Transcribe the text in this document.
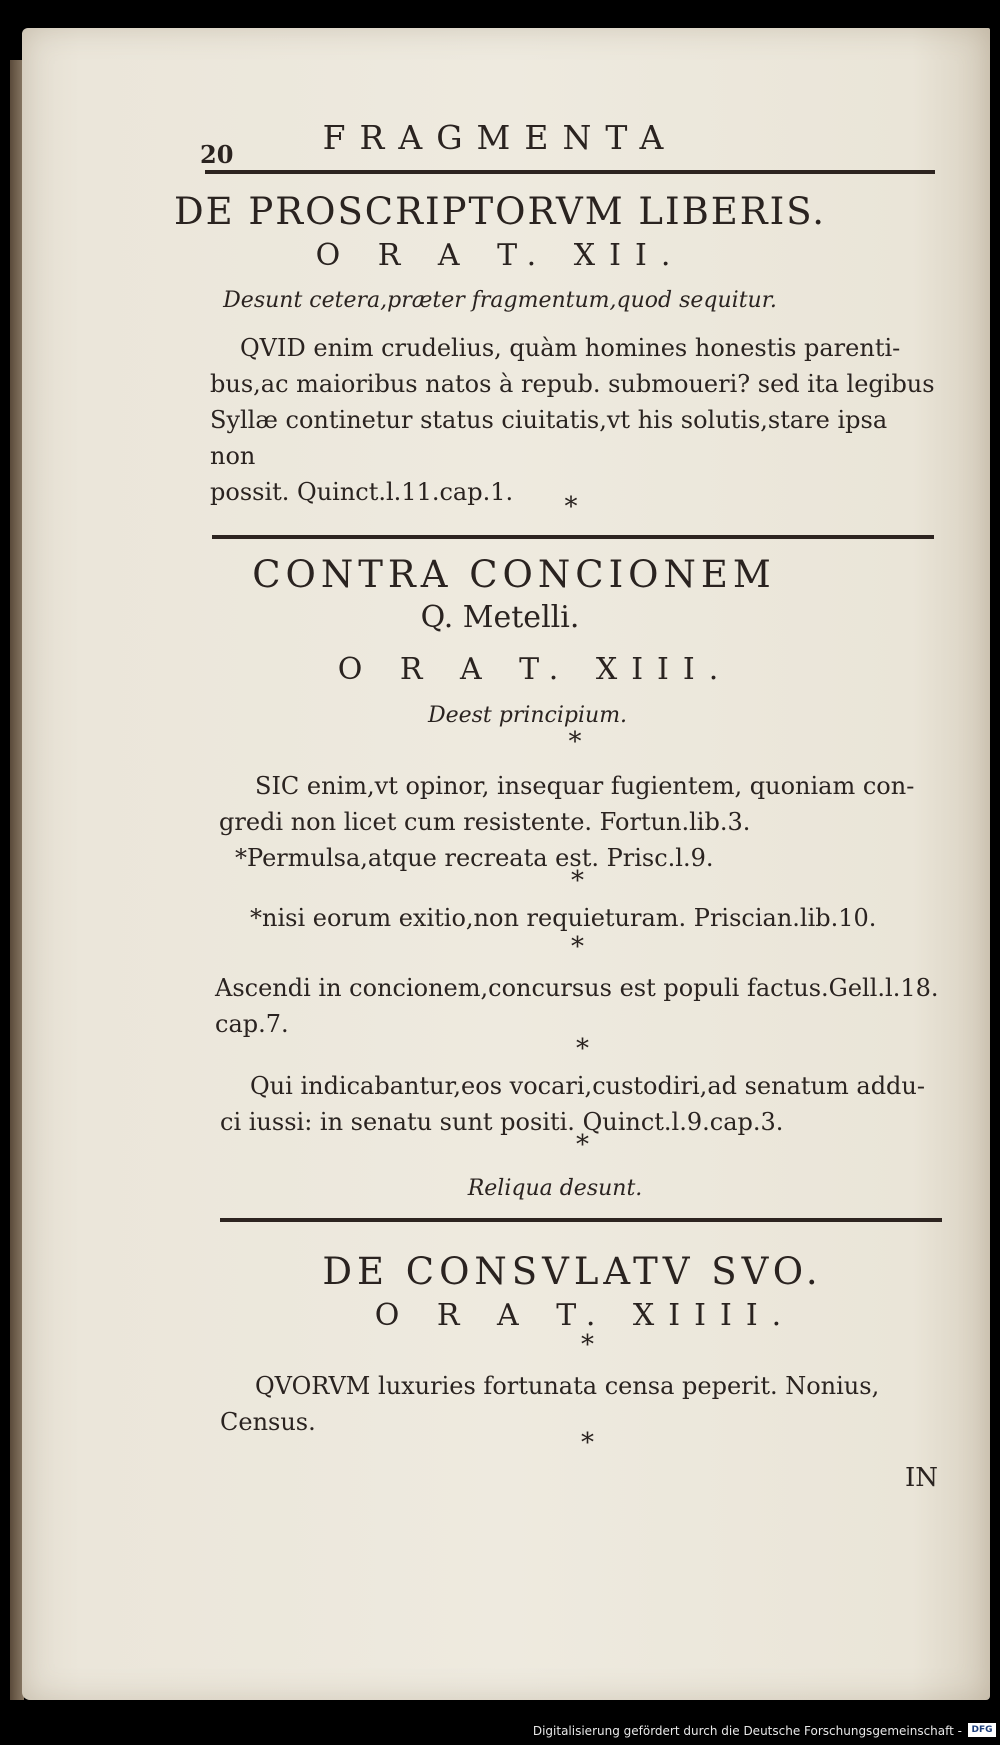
20	FRAGMENTA
DE PROSCRIPTORVM LIBERIS.
O R A T. XII.
Desunt cetera,præter fragmentum,quod sequitur.
QVID enim crudelius, quàm homines honestis parenti-
bus,ac maioribus natos à repub. submoueri? sed ita legibus
Syllæ continetur status ciuitatis,vt his solutis,stare ipsa non
possit. Quinct.l.11.cap.1.	*
CONTRA CONCIONEM
Q. Metelli.
O R A T. XIII.
Deest principium.
*
SIC enim,vt opinor, insequar fugientem, quoniam con-
gredi non licet cum resistente. Fortun.lib.3.
*Permulsa,atque recreata est. Prisc.l.9.
*
*nisi eorum exitio,non requieturam. Priscian.lib.10.
*
Ascendi in concionem,concursus est populi factus.Gell.l.18.
cap.7.
*
Qui indicabantur,eos vocari,custodiri,ad senatum addu-
ci iussi: in senatu sunt positi. Quinct.l.9.cap.3.
*
Reliqua desunt.
DE CONSVLATV SVO.
O R A T. XIIII.
*
QVORVM luxuries fortunata censa peperit. Nonius,
Census.
*
IN
Digitalisierung gefördert durch die Deutsche Forschungsgemeinschaft -	DFG
